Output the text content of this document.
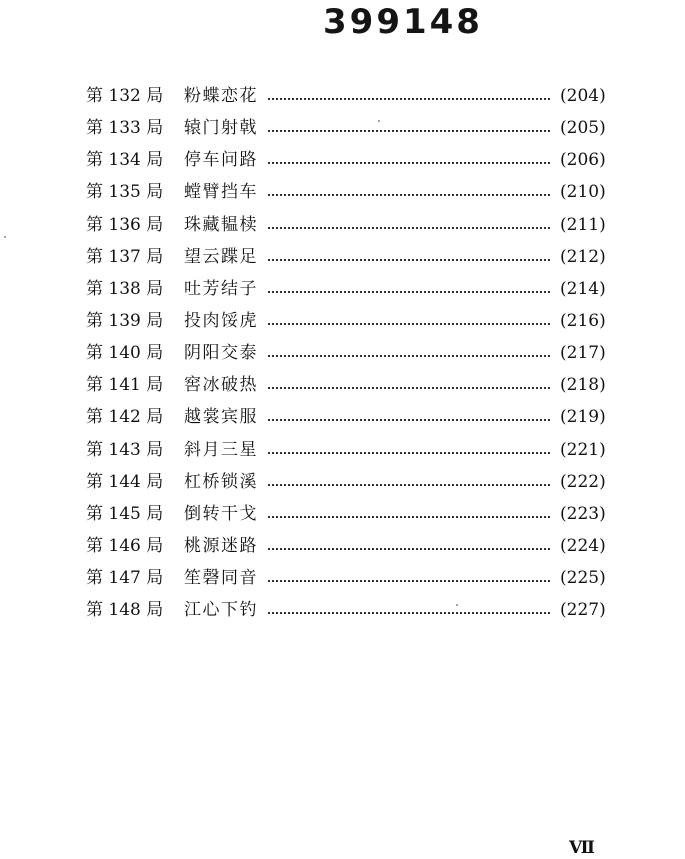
399148
第 132 局 粉蝶恋花	(204)
第 133 局 辕门射戟	(205)
第 134 局 停车问路	(206)
第 135 局 螳臂挡车	(210)
第 136 局 珠藏韫椟	(211)
第 137 局 望云蹀足	(212)
第 138 局 吐芳结子	(214)
第 139 局 投肉馁虎	(216)
第 140 局 阴阳交泰	(217)
第 141 局 窖冰破热	(218)
第 142 局 越裳宾服	(219)
第 143 局 斜月三星	(221)
第 144 局 杠桥锁溪	(222)
第 145 局 倒转干戈	(223)
第 146 局 桃源迷路	(224)
第 147 局 笙磬同音	(225)
第 148 局 江心下钓	(227)
Ⅶ
